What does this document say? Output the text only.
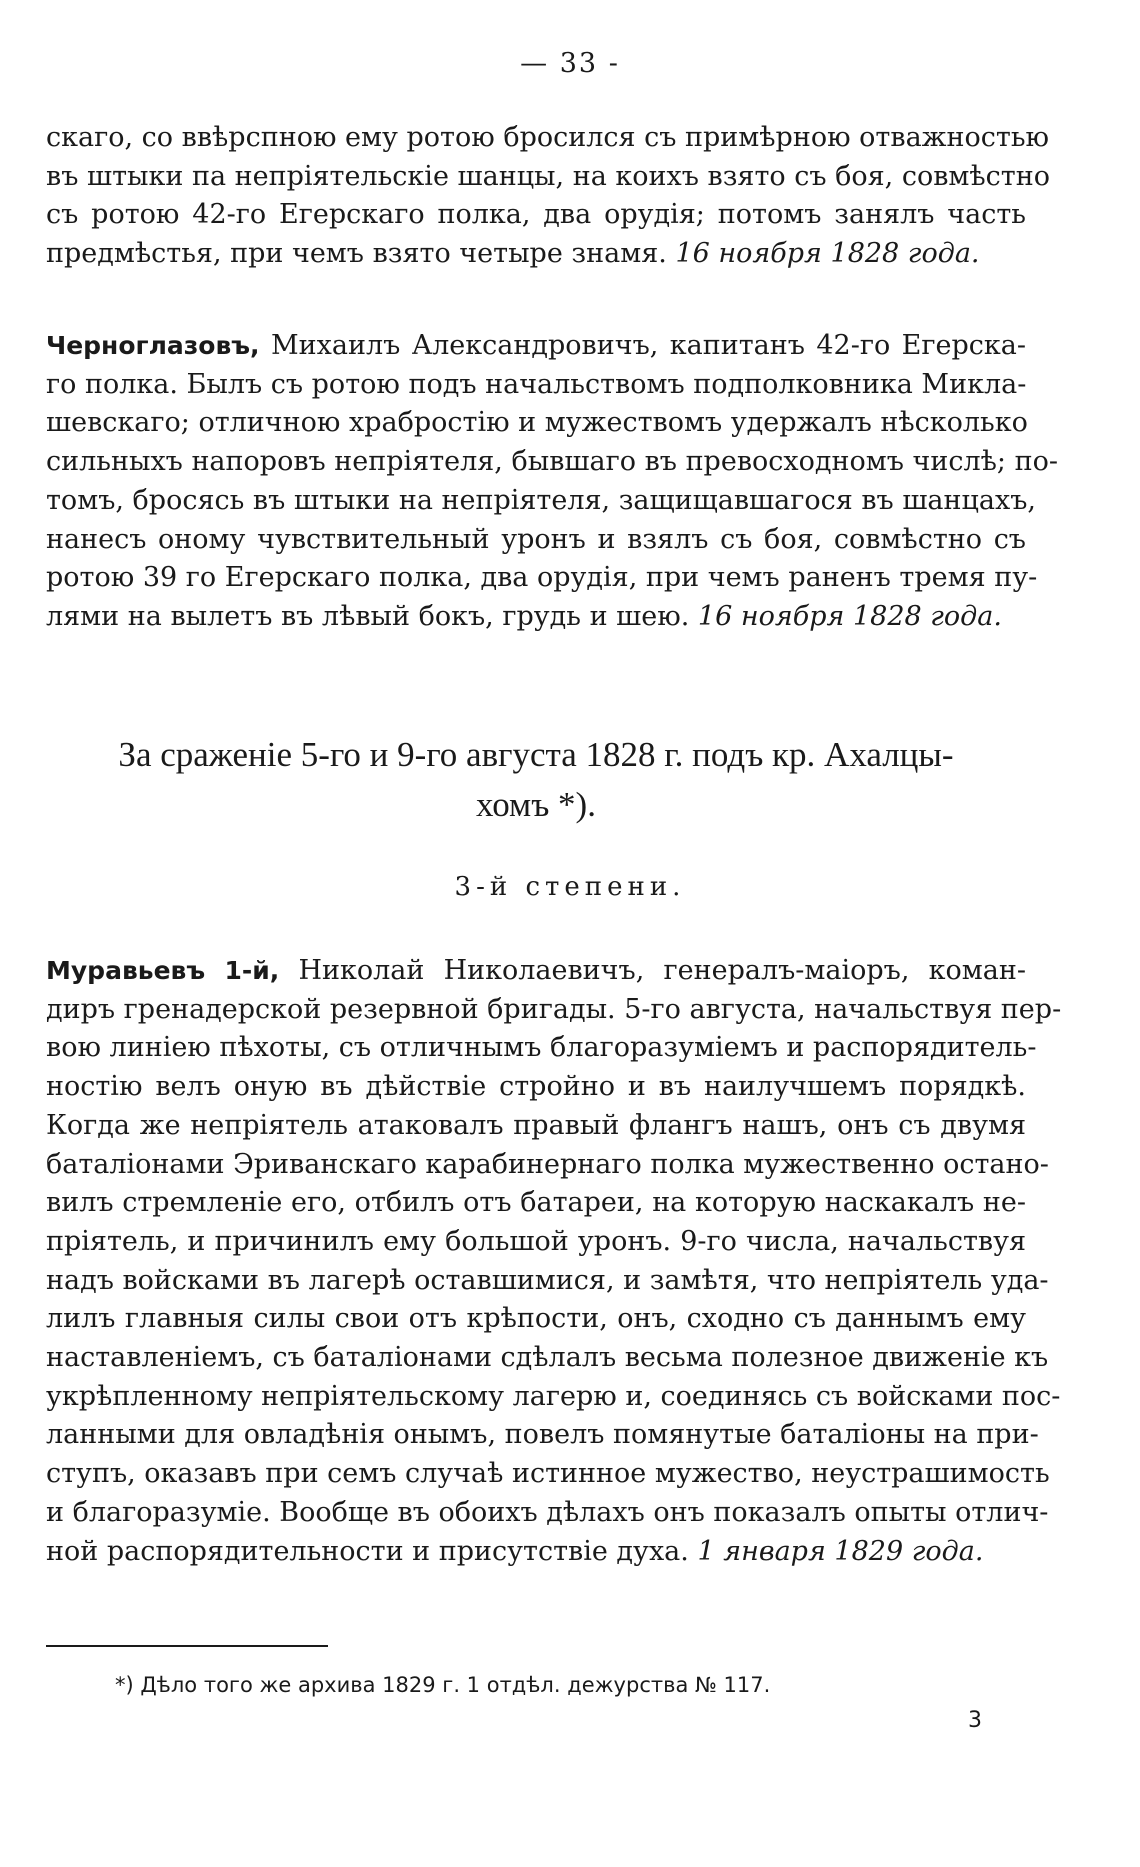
— 33 -
скаго, со ввѣрспною ему ротою бросился съ примѣрною отважностью
въ штыки па непріятельскіе шанцы, на коихъ взято съ боя, совмѣстно
съ ротою 42-го Егерскаго полка, два орудія; потомъ занялъ часть
предмѣстья, при чемъ взято четыре знамя. 16 ноября 1828 года.
Черноглазовъ, Михаилъ Александровичъ, капитанъ 42-го Егерска-
го полка. Былъ съ ротою подъ начальствомъ подполковника Микла-
шевскаго; отличною храбростію и мужествомъ удержалъ нѣсколько
сильныхъ напоровъ непріятеля, бывшаго въ превосходномъ числѣ; по-
томъ, бросясь въ штыки на непріятеля, защищавшагося въ шанцахъ,
нанесъ оному чувствительный уронъ и взялъ съ боя, совмѣстно съ
ротою 39 го Егерскаго полка, два орудія, при чемъ раненъ тремя пу-
лями на вылетъ въ лѣвый бокъ, грудь и шею. 16 ноября 1828 года.
За сраженіе 5-го и 9-го августа 1828 г. подъ кр. Ахалцы-
хомъ *).
3-й степени.
Муравьевъ 1-й, Николай Николаевичъ, генералъ-маіоръ, коман-
диръ гренадерской резервной бригады. 5-го августа, начальствуя пер-
вою линіею пѣхоты, съ отличнымъ благоразуміемъ и распорядитель-
ностію велъ оную въ дѣйствіе стройно и въ наилучшемъ порядкѣ.
Когда же непріятель атаковалъ правый флангъ нашъ, онъ съ двумя
баталіонами Эриванскаго карабинернаго полка мужественно остано-
вилъ стремленіе его, отбилъ отъ батареи, на которую наскакалъ не-
пріятель, и причинилъ ему большой уронъ. 9-го числа, начальствуя
надъ войсками въ лагерѣ оставшимися, и замѣтя, что непріятель уда-
лилъ главныя силы свои отъ крѣпости, онъ, сходно съ даннымъ ему
наставленіемъ, съ баталіонами сдѣлалъ весьма полезное движеніе къ
укрѣпленному непріятельскому лагерю и, соединясь съ войсками пос-
ланными для овладѣнія онымъ, повелъ помянутые баталіоны на при-
ступъ, оказавъ при семъ случаѣ истинное мужество, неустрашимость
и благоразуміе. Вообще въ обоихъ дѣлахъ онъ показалъ опыты отлич-
ной распорядительности и присутствіе духа. 1 января 1829 года.
*) Дѣло того же архива 1829 г. 1 отдѣл. дежурства № 117.
3
